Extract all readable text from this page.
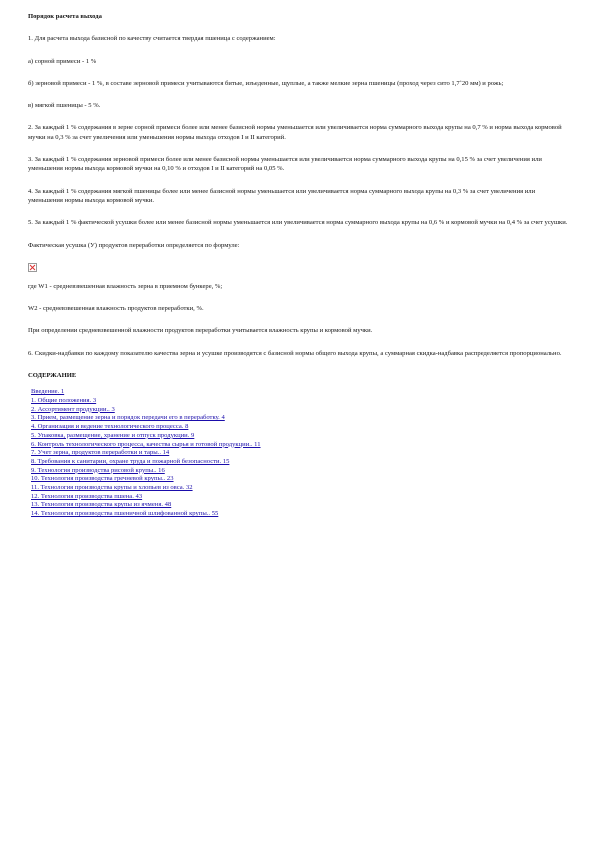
Порядок расчета выхода

1. Для расчета выхода базисной по качеству считается твердая пшеница с содержанием:

а) сорной примеси - 1 %

б) зерновой примеси - 1 %, в составе зерновой примеси учитываются битые, изъеденные, щуплые, а также мелкие зерна пшеницы (проход через сито 1,7˚20 мм) и рожь;

в) мягкой пшеницы - 5 %.

2. За каждый 1 % содержания в зерне сорной примеси более или менее базисной нормы уменьшается или увеличивается норма суммарного выхода крупы на 0,7 % и норма выхода кормовой мучки на 0,3 % за счет увеличения или уменьшения нормы выхода отходов I и II категорий.

3. За каждый 1 % содержания зерновой примеси более или менее базисной нормы уменьшается или увеличивается норма суммарного выхода крупы на 0,15 % за счет увеличения или уменьшения нормы выхода кормовой мучки на 0,10 % и отходов I и II категорий на 0,05 %.

4. За каждый 1 % содержания мягкой пшеницы более или менее базисной нормы уменьшается или увеличивается норма суммарного выхода крупы на 0,3 % за счет увеличения или уменьшения нормы выхода кормовой мучки.

5. За каждый 1 % фактической усушки более или менее базисной нормы уменьшается или увеличивается норма суммарного выхода крупы на 0,6 % и кормовой мучки на 0,4 % за счет усушки.

Фактическая усушка (У) продуктов переработки определяется по формуле:

где W1 - средневзвешенная влажность зерна в приемном бункере, %;

W2 - средневзвешенная влажность продуктов переработки, %.

При определении средневзвешенной влажности продуктов переработки учитывается влажность крупы и кормовой мучки.

6. Скидки-надбавки по каждому показателю качества зерна и усушке производятся с базисной нормы общего выхода крупы, а суммарная скидка-надбавка распределяется пропорционально.

СОДЕРЖАНИЕ

Введение. 1
1. Общие положения. 3
2. Ассортимент продукции.. 3
3. Прием, размещение зерна и порядок передачи его в переработку. 4
4. Организация и ведение технологического процесса. 8
5. Упаковка, размещение, хранение и отпуск продукции. 9
6. Контроль технологического процесса, качества сырья и готовой продукции.. 11
7. Учет зерна, продуктов переработки и тары.. 14
8. Требования к санитарии, охране труда и пожарной безопасности. 15
9. Технология производства рисовой крупы.. 16
10. Технология производства гречневой крупы.. 23
11. Технология производства крупы и хлопьев из овса. 32
12. Технология производства пшена. 43
13. Технология производства крупы из ячменя. 48
14. Технология производства пшеничной шлифованной крупы.. 55
